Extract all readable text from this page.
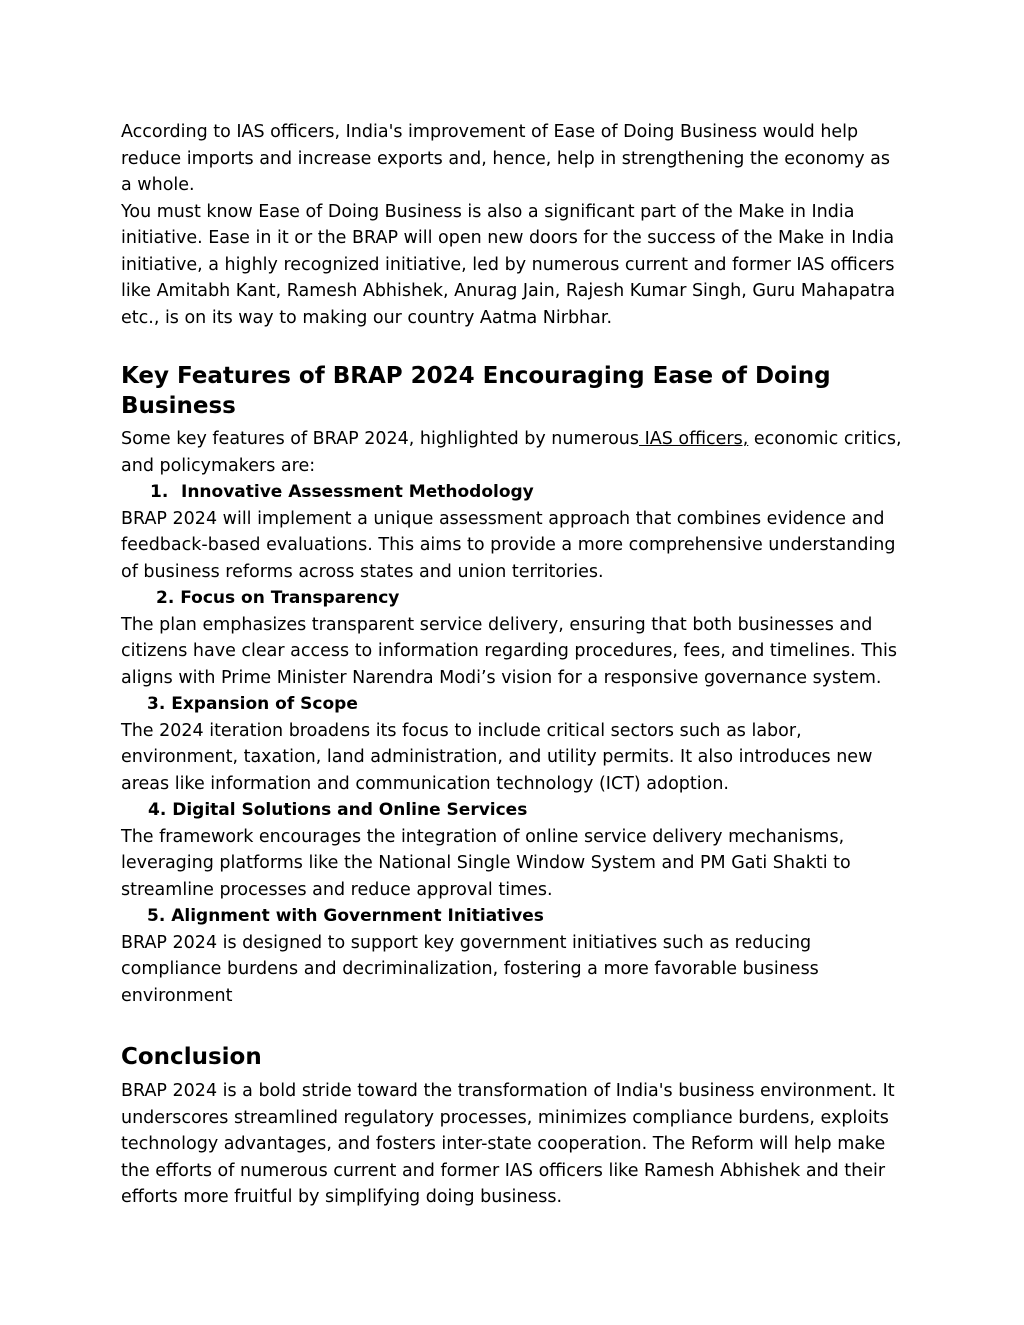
According to IAS officers, India's improvement of Ease of Doing Business would help reduce imports and increase exports and, hence, help in strengthening the economy as a whole.

You must know Ease of Doing Business is also a significant part of the Make in India initiative. Ease in it or the BRAP will open new doors for the success of the Make in India initiative, a highly recognized initiative, led by numerous current and former IAS officers like Amitabh Kant, Ramesh Abhishek, Anurag Jain, Rajesh Kumar Singh, Guru Mahapatra etc., is on its way to making our country Aatma Nirbhar.

Key Features of BRAP 2024 Encouraging Ease of Doing Business

Some key features of BRAP 2024, highlighted by numerous IAS officers, economic critics, and policymakers are:

1. Innovative Assessment Methodology

BRAP 2024 will implement a unique assessment approach that combines evidence and feedback-based evaluations. This aims to provide a more comprehensive understanding of business reforms across states and union territories.

2. Focus on Transparency

The plan emphasizes transparent service delivery, ensuring that both businesses and citizens have clear access to information regarding procedures, fees, and timelines. This aligns with Prime Minister Narendra Modi’s vision for a responsive governance system.

3. Expansion of Scope

The 2024 iteration broadens its focus to include critical sectors such as labor, environment, taxation, land administration, and utility permits. It also introduces new areas like information and communication technology (ICT) adoption.

4. Digital Solutions and Online Services

The framework encourages the integration of online service delivery mechanisms, leveraging platforms like the National Single Window System and PM Gati Shakti to streamline processes and reduce approval times.

5. Alignment with Government Initiatives

BRAP 2024 is designed to support key government initiatives such as reducing compliance burdens and decriminalization, fostering a more favorable business environment

Conclusion

BRAP 2024 is a bold stride toward the transformation of India's business environment. It underscores streamlined regulatory processes, minimizes compliance burdens, exploits technology advantages, and fosters inter-state cooperation. The Reform will help make the efforts of numerous current and former IAS officers like Ramesh Abhishek and their efforts more fruitful by simplifying doing business.
